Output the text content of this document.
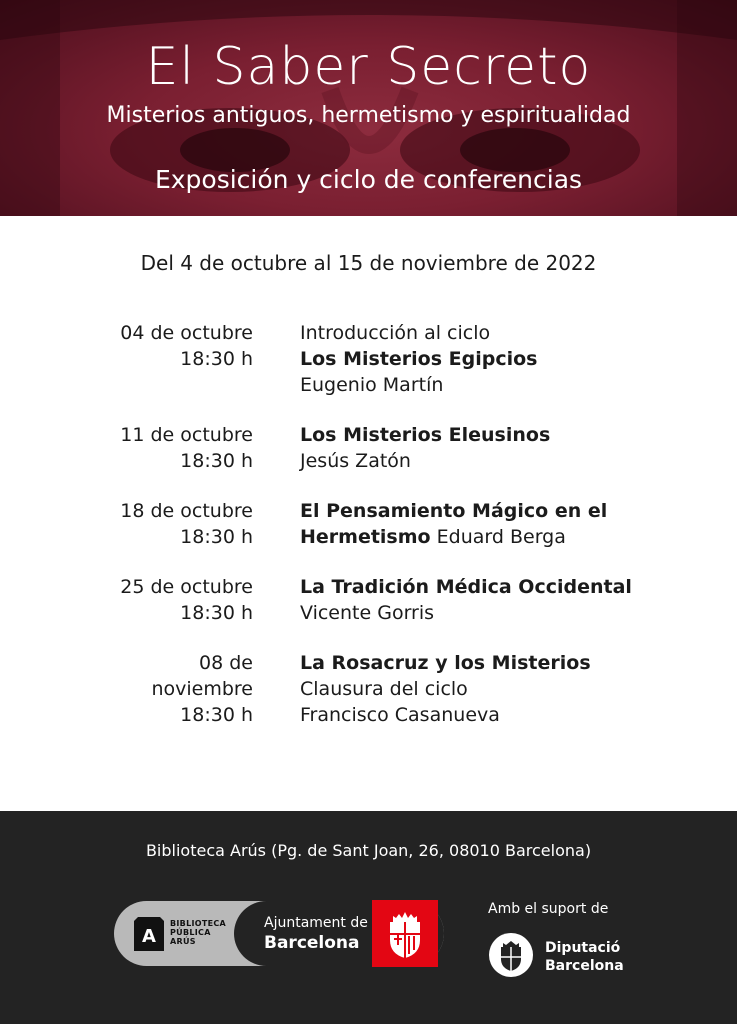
El Saber Secreto
Misterios antiguos, hermetismo y espiritualidad
Exposición y ciclo de conferencias
Del 4 de octubre al 15 de noviembre de 2022
04 de octubre
18:30 h
Introducción al ciclo
Los Misterios Egipcios
Eugenio Martín
11 de octubre
18:30 h
Los Misterios Eleusinos
Jesús Zatón
18 de octubre
18:30 h
El Pensamiento Mágico en el
Hermetismo Eduard Berga
25 de octubre
18:30 h
La Tradición Médica Occidental
Vicente Gorris
08 de
noviembre
18:30 h
La Rosacruz y los Misterios
Clausura del ciclo
Francisco Casanueva
Biblioteca Arús (Pg. de Sant Joan, 26, 08010 Barcelona)
A
BIBLIOTECA
PÚBLICA
ARÚS
Ajuntament de
Barcelona
Amb el suport de
Diputació
Barcelona
